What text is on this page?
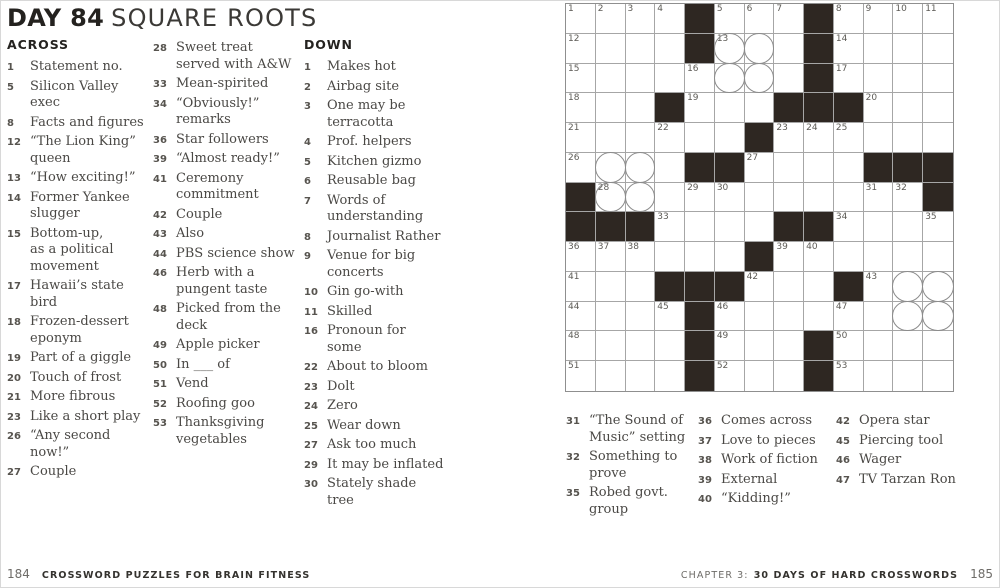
DAY 84 SQUARE ROOTS
ACROSS
1	Statement no.
5	Silicon Valley
exec
8	Facts and figures
12 “The Lion King”
queen
13 “How exciting!”
14 Former Yankee
slugger
15 Bottom-up,
as a political
movement
17 Hawaii’s state
bird
18 Frozen-dessert
eponym
19 Part of a giggle
20 Touch of frost
21 More fibrous
23 Like a short play
26 “Any second
now!”
27 Couple
28 Sweet treat
served with A&W
33 Mean-spirited
34 “Obviously!”
remarks
36 Star followers
39 “Almost ready!”
41 Ceremony
commitment
42 Couple
43 Also
44 PBS science show
46 Herb with a
pungent taste
48 Picked from the
deck
49 Apple picker
50 In ___ of
51 Vend
52 Roofing goo
53 Thanksgiving
vegetables
DOWN
1	Makes hot
2	Airbag site
3	One may be
terracotta
4	Prof. helpers
5	Kitchen gizmo
6	Reusable bag
7	Words of
understanding
8	Journalist Rather
9	Venue for big
concerts
10 Gin go-with
11 Skilled
16 Pronoun for
some
22 About to bloom
23 Dolt
24 Zero
25 Wear down
27 Ask too much
29 It may be inflated
30 Stately shade
tree
1	2	3	4	5	6	7	8	9	10 11
12	13	14
15	16	17
18	19	20
21	22	23 24 25
26	27
28	29 30	31 32
33	34	35
36 37 38	39 40
41	42	43
44	45	46	47
48	49	50
51	52	53
31 “The Sound of
Music” setting
32 Something to
prove
35 Robed govt.
group
36 Comes across
37 Love to pieces
38 Work of fiction
39 External
40 “Kidding!”
42 Opera star
45 Piercing tool
46 Wager
47 TV Tarzan Ron
184 CROSSWORD PUZZLES FOR BRAIN FITNESS	CHAPTER 3: 30 DAYS OF HARD CROSSWORDS 185
